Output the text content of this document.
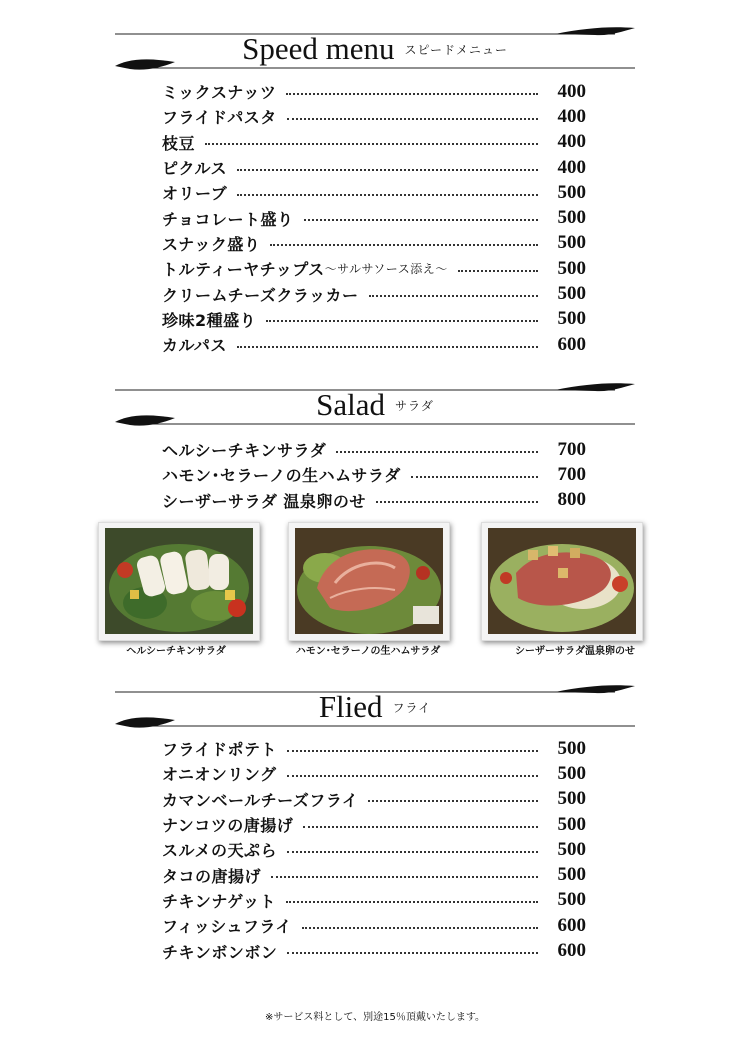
Speed menu スピードメニュー
ミックスナッツ	400
フライドパスタ	400
枝豆	400
ピクルス	400
オリーブ	500
チョコレート盛り	500
スナック盛り	500
トルティーヤチップス ～サルサソース添え～	500
クリームチーズクラッカー	500
珍味2種盛り	500
カルパス	600
Salad サラダ
ヘルシーチキンサラダ	700
ハモン･セラーノの生ハムサラダ	700
シーザーサラダ 温泉卵のせ	800
ヘルシーチキンサラダ	ハモン･セラーノの生ハムサラダ	シーザーサラダ温泉卵のせ
Flied フライ
フライドポテト	500
オニオンリング	500
カマンベールチーズフライ	500
ナンコツの唐揚げ	500
スルメの天ぷら	500
タコの唐揚げ	500
チキンナゲット	500
フィッシュフライ	600
チキンボンボン	600
※サービス料として、別途15％頂戴いたします。
